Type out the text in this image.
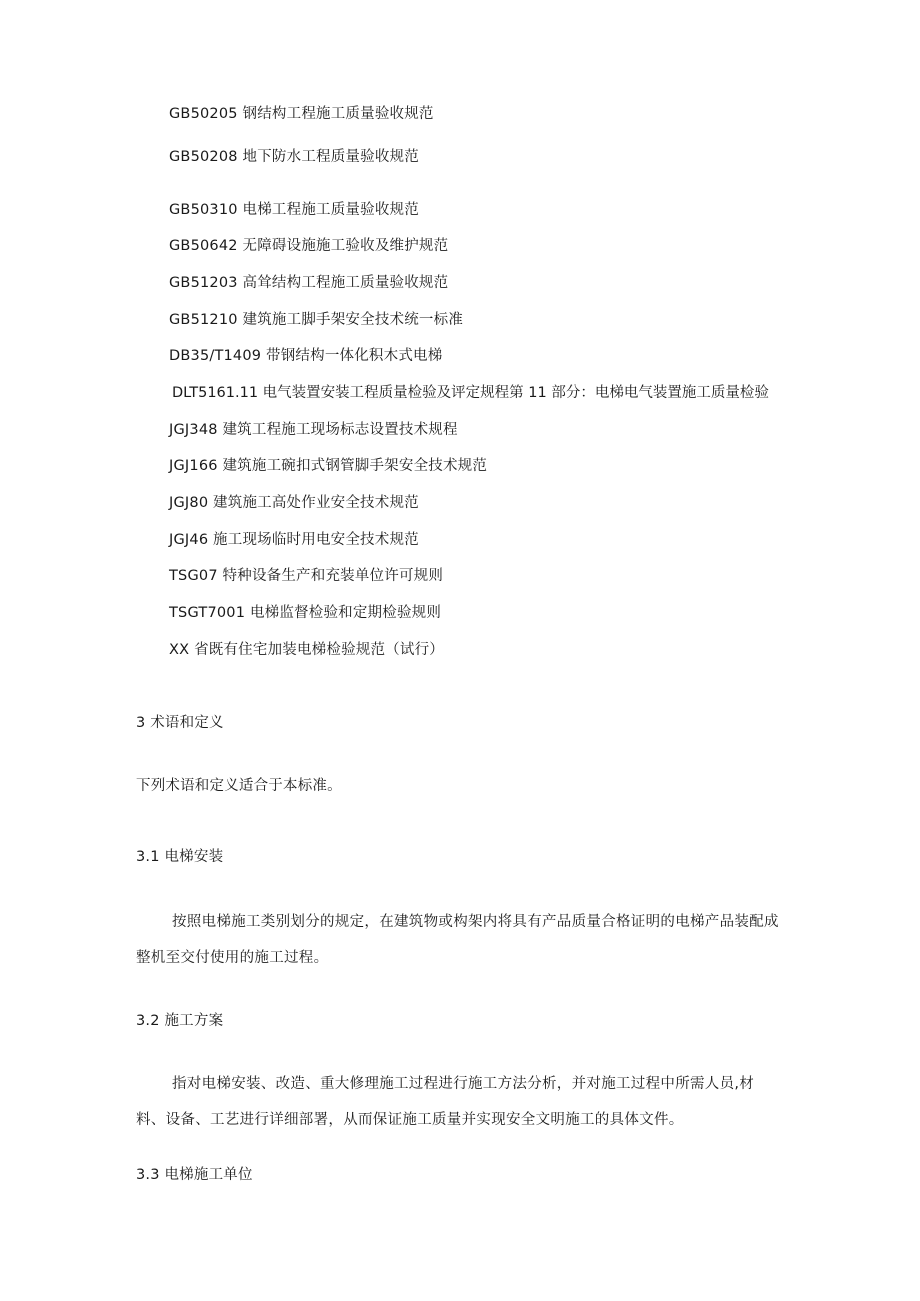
GB50205 钢结构工程施工质量验收规范
GB50208 地下防水工程质量验收规范
GB50310 电梯工程施工质量验收规范
GB50642 无障碍设施施工验收及维护规范
GB51203 高耸结构工程施工质量验收规范
GB51210 建筑施工脚手架安全技术统一标准
DB35/T1409 带钢结构一体化积木式电梯
DLT5161.11 电气装置安装工程质量检验及评定规程第 11 部分：电梯电气装置施工质量检验
JGJ348 建筑工程施工现场标志设置技术规程
JGJ166 建筑施工碗扣式钢管脚手架安全技术规范
JGJ80 建筑施工高处作业安全技术规范
JGJ46 施工现场临时用电安全技术规范
TSG07 特种设备生产和充装单位许可规则
TSGT7001 电梯监督检验和定期检验规则
XX 省既有住宅加装电梯检验规范（试行）
3 术语和定义
下列术语和定义适合于本标准。
3.1 电梯安装
按照电梯施工类别划分的规定，在建筑物或构架内将具有产品质量合格证明的电梯产品装配成
整机至交付使用的施工过程。
3.2 施工方案
指对电梯安装、改造、重大修理施工过程进行施工方法分析，并对施工过程中所需人员,材
料、设备、工艺进行详细部署，从而保证施工质量并实现安全文明施工的具体文件。
3.3 电梯施工单位
